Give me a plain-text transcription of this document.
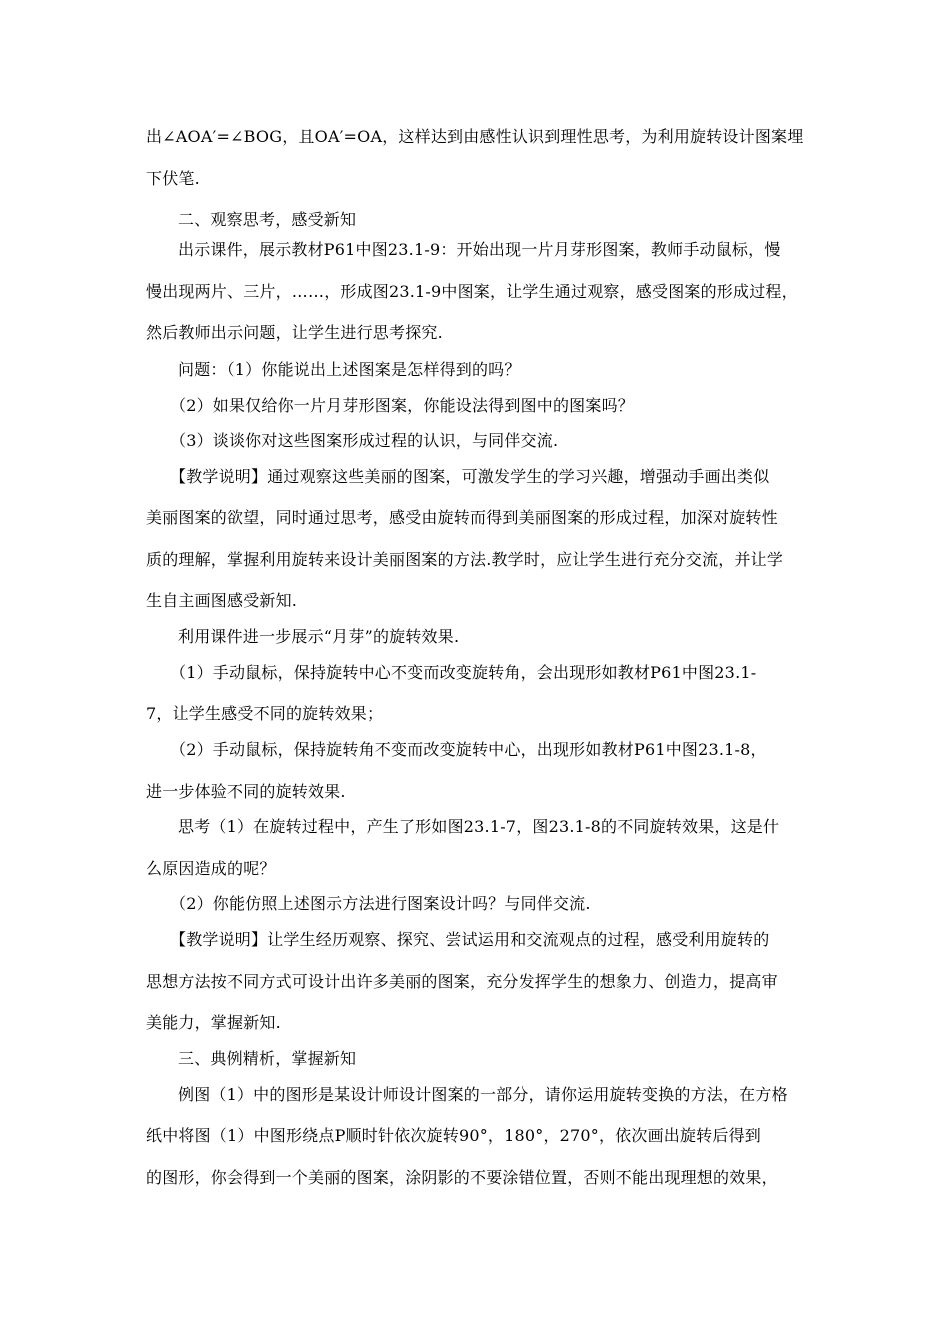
出∠AOA′=∠BOG，且OA′=OA，这样达到由感性认识到理性思考，为利用旋转设计图案埋
下伏笔.
二、观察思考，感受新知
出示课件，展示教材P61中图23.1-9：开始出现一片月芽形图案，教师手动鼠标，慢
慢出现两片、三片，……，形成图23.1-9中图案，让学生通过观察，感受图案的形成过程，
然后教师出示问题，让学生进行思考探究.
问题：（1）你能说出上述图案是怎样得到的吗？
（2）如果仅给你一片月芽形图案，你能设法得到图中的图案吗？
（3）谈谈你对这些图案形成过程的认识，与同伴交流.
【教学说明】通过观察这些美丽的图案，可激发学生的学习兴趣，增强动手画出类似
美丽图案的欲望，同时通过思考，感受由旋转而得到美丽图案的形成过程，加深对旋转性
质的理解，掌握利用旋转来设计美丽图案的方法.教学时，应让学生进行充分交流，并让学
生自主画图感受新知.
利用课件进一步展示“月芽”的旋转效果.
（1）手动鼠标，保持旋转中心不变而改变旋转角，会出现形如教材P61中图23.1-
7，让学生感受不同的旋转效果；
（2）手动鼠标，保持旋转角不变而改变旋转中心，出现形如教材P61中图23.1-8，
进一步体验不同的旋转效果.
思考（1）在旋转过程中，产生了形如图23.1-7，图23.1-8的不同旋转效果，这是什
么原因造成的呢？
（2）你能仿照上述图示方法进行图案设计吗？与同伴交流.
【教学说明】让学生经历观察、探究、尝试运用和交流观点的过程，感受利用旋转的
思想方法按不同方式可设计出许多美丽的图案，充分发挥学生的想象力、创造力，提高审
美能力，掌握新知.
三、典例精析，掌握新知
例图（1）中的图形是某设计师设计图案的一部分，请你运用旋转变换的方法，在方格
纸中将图（1）中图形绕点P顺时针依次旋转90°，180°，270°，依次画出旋转后得到
的图形，你会得到一个美丽的图案，涂阴影的不要涂错位置，否则不能出现理想的效果，
